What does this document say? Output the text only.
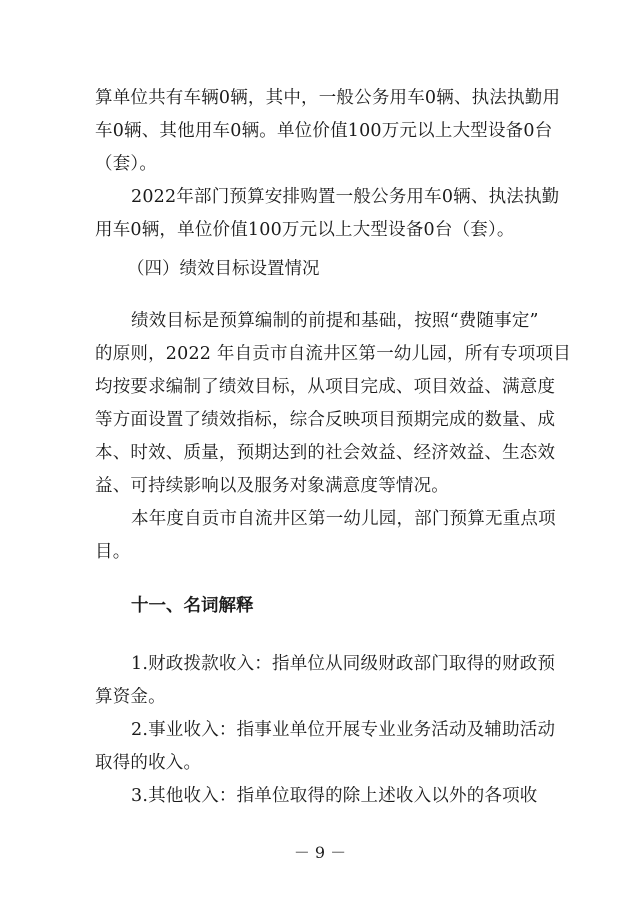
算单位共有车辆0辆，其中，一般公务用车0辆、执法执勤用
车0辆、其他用车0辆。单位价值100万元以上大型设备0台
（套）。
2022年部门预算安排购置一般公务用车0辆、执法执勤
用车0辆，单位价值100万元以上大型设备0台（套）。
（四）绩效目标设置情况
绩效目标是预算编制的前提和基础，按照“费随事定”
的原则，2022 年自贡市自流井区第一幼儿园，所有专项项目
均按要求编制了绩效目标，从项目完成、项目效益、满意度
等方面设置了绩效指标，综合反映项目预期完成的数量、成
本、时效、质量，预期达到的社会效益、经济效益、生态效
益、可持续影响以及服务对象满意度等情况。
本年度自贡市自流井区第一幼儿园，部门预算无重点项
目。
十一、名词解释
1.财政拨款收入：指单位从同级财政部门取得的财政预
算资金。
2.事业收入：指事业单位开展专业业务活动及辅助活动
取得的收入。
3.其他收入：指单位取得的除上述收入以外的各项收
－ 9 －
